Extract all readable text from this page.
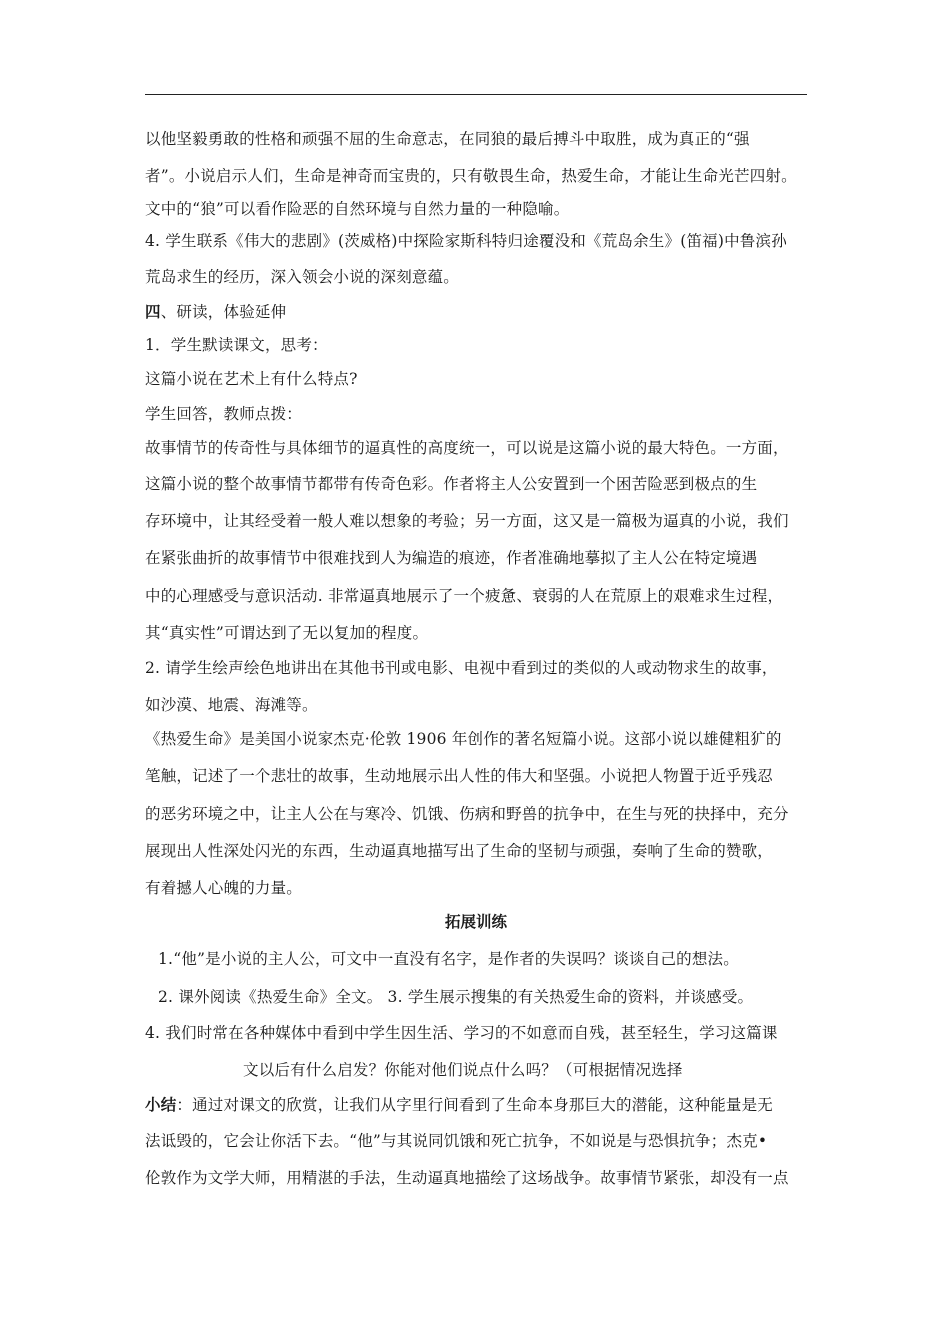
以他坚毅勇敢的性格和顽强不屈的生命意志，在同狼的最后搏斗中取胜，成为真正的“强
者”。小说启示人们，生命是神奇而宝贵的，只有敬畏生命，热爱生命，才能让生命光芒四射。
文中的“狼”可以看作险恶的自然环境与自然力量的一种隐喻。
4. 学生联系《伟大的悲剧》(茨威格)中探险家斯科特归途覆没和《荒岛余生》(笛福)中鲁滨孙
荒岛求生的经历，深入领会小说的深刻意蕴。
四、研读，体验延伸
1．学生默读课文，思考：
这篇小说在艺术上有什么特点?
学生回答，教师点拨：
故事情节的传奇性与具体细节的逼真性的高度统一，可以说是这篇小说的最大特色。一方面，
这篇小说的整个故事情节都带有传奇色彩。作者将主人公安置到一个困苦险恶到极点的生
存环境中，让其经受着一般人难以想象的考验；另一方面，这又是一篇极为逼真的小说，我们
在紧张曲折的故事情节中很难找到人为编造的痕迹，作者准确地摹拟了主人公在特定境遇
中的心理感受与意识活动. 非常逼真地展示了一个疲惫、衰弱的人在荒原上的艰难求生过程，
其“真实性”可谓达到了无以复加的程度。
2. 请学生绘声绘色地讲出在其他书刊或电影、电视中看到过的类似的人或动物求生的故事，
如沙漠、地震、海滩等。
《热爱生命》是美国小说家杰克·伦敦 1906 年创作的著名短篇小说。这部小说以雄健粗犷的
笔触，记述了一个悲壮的故事，生动地展示出人性的伟大和坚强。小说把人物置于近乎残忍
的恶劣环境之中，让主人公在与寒冷、饥饿、伤病和野兽的抗争中，在生与死的抉择中，充分
展现出人性深处闪光的东西，生动逼真地描写出了生命的坚韧与顽强，奏响了生命的赞歌，
有着撼人心魄的力量。
拓展训练
1.“他”是小说的主人公，可文中一直没有名字，是作者的失误吗？谈谈自己的想法。
2. 课外阅读《热爱生命》全文。 3. 学生展示搜集的有关热爱生命的资料，并谈感受。
4. 我们时常在各种媒体中看到中学生因生活、学习的不如意而自残，甚至轻生，学习这篇课
文以后有什么启发？你能对他们说点什么吗？（可根据情况选择
小结：通过对课文的欣赏，让我们从字里行间看到了生命本身那巨大的潜能，这种能量是无
法诋毁的，它会让你活下去。“他”与其说同饥饿和死亡抗争，不如说是与恐惧抗争；杰克•
伦敦作为文学大师，用精湛的手法，生动逼真地描绘了这场战争。故事情节紧张，却没有一点
